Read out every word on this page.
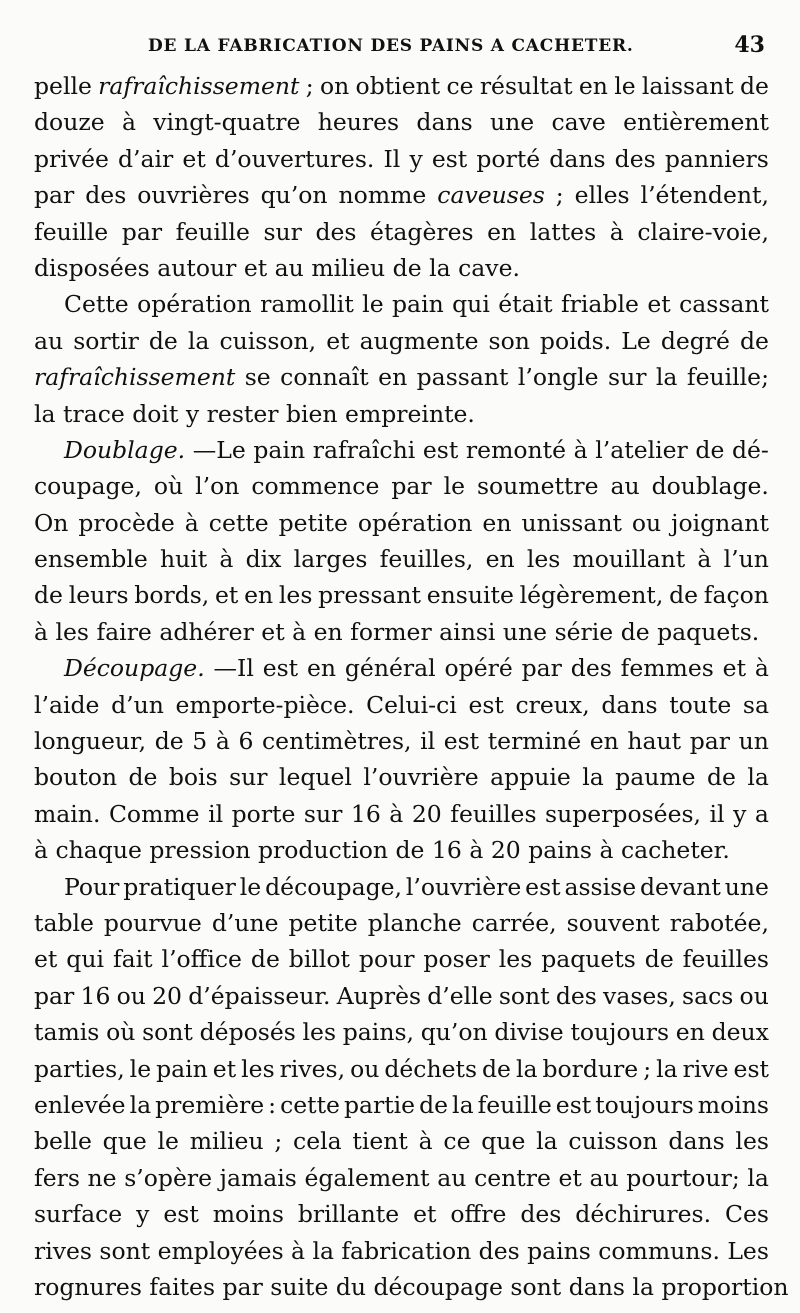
DE LA FABRICATION DES PAINS A CACHETER.	43
pelle rafraîchissement ; on obtient ce résultat en le laissant de
douze à vingt-quatre heures dans une cave entièrement
privée d’air et d’ouvertures. Il y est porté dans des panniers
par des ouvrières qu’on nomme caveuses ; elles l’étendent,
feuille par feuille sur des étagères en lattes à claire-voie,
disposées
autour
et
au
milieu
de
la
cave.
Cette opération ramollit le pain qui était friable et cassant
au sortir de la cuisson, et augmente son poids. Le degré de
rafraîchissement se connaît en passant l’ongle sur la feuille;
la
trace
doit
y
rester
bien
empreinte.
Doublage. —Le pain rafraîchi est remonté à l’atelier de dé-
coupage, où l’on commence par le soumettre au doublage.
On procède à cette petite opération en unissant ou joignant
ensemble huit à dix larges feuilles, en les mouillant à l’un
de leurs bords, et en les pressant ensuite légèrement, de façon
à
les
faire
adhérer
et
à
en
former
ainsi
une
série
de
paquets.
Découpage. —Il est en général opéré par des femmes et à
l’aide d’un emporte-pièce. Celui-ci est creux, dans toute sa
longueur, de 5 à 6 centimètres, il est terminé en haut par un
bouton de bois sur lequel l’ouvrière appuie la paume de la
main. Comme il porte sur 16 à 20 feuilles superposées, il y a
à
chaque
pression
production
de
16
à
20
pains
à
cacheter.
Pour pratiquer le découpage, l’ouvrière est assise devant une
table pourvue d’une petite planche carrée, souvent rabotée,
et qui fait l’office de billot pour poser les paquets de feuilles
par 16 ou 20 d’épaisseur. Auprès d’elle sont des vases, sacs ou
tamis où sont déposés les pains, qu’on divise toujours en deux
parties, le pain et les rives, ou déchets de la bordure ; la rive est
enlevée la première : cette partie de la feuille est toujours moins
belle que le milieu ; cela tient à ce que la cuisson dans les
fers ne s’opère jamais également au centre et au pourtour; la
surface y est moins brillante et offre des déchirures. Ces
rives sont employées à la fabrication des pains communs. Les
rognures
faites
par
suite
du
découpage
sont
dans
la
proportion
